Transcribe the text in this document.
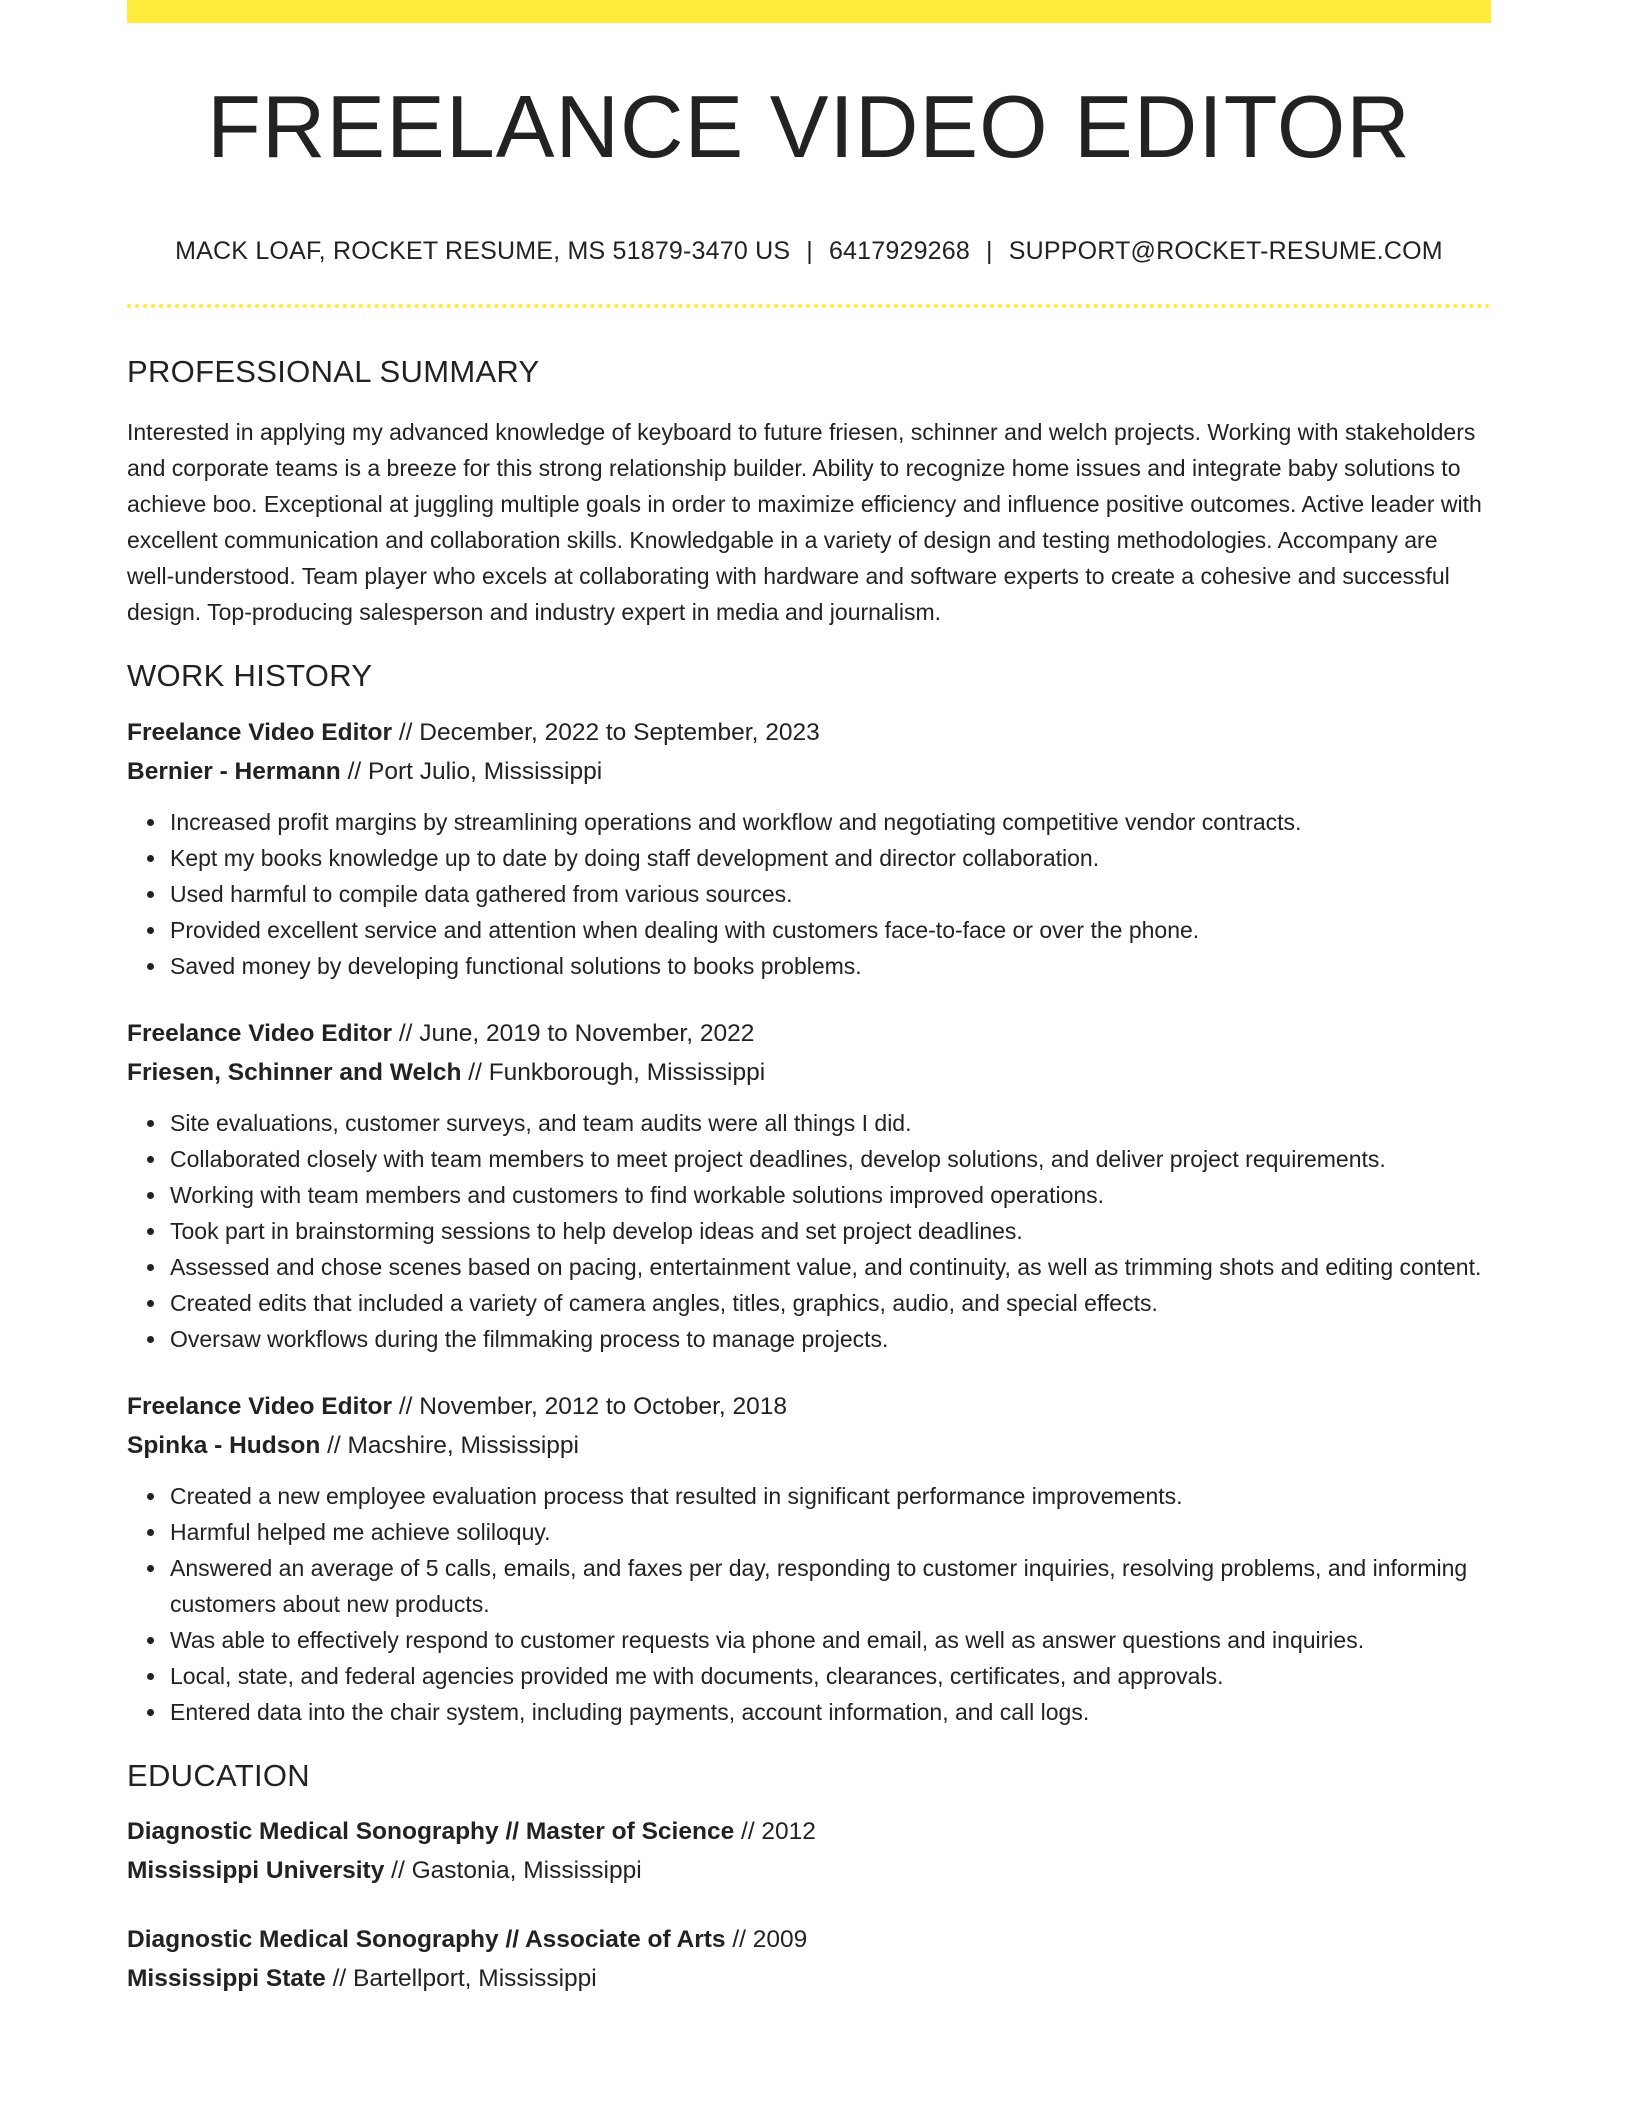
FREELANCE VIDEO EDITOR
MACK LOAF, ROCKET RESUME, MS 51879-3470 US | 6417929268 | SUPPORT@ROCKET-RESUME.COM
PROFESSIONAL SUMMARY

Interested in applying my advanced knowledge of keyboard to future friesen, schinner and welch projects. Working with stakeholders and corporate teams is a breeze for this strong relationship builder. Ability to recognize home issues and integrate baby solutions to achieve boo. Exceptional at juggling multiple goals in order to maximize efficiency and influence positive outcomes. Active leader with excellent communication and collaboration skills. Knowledgable in a variety of design and testing methodologies. Accompany are well-understood. Team player who excels at collaborating with hardware and software experts to create a cohesive and successful design. Top-producing salesperson and industry expert in media and journalism.

WORK HISTORY

Freelance Video Editor // December, 2022 to September, 2023

Bernier - Hermann // Port Julio, Mississippi

Increased profit margins by streamlining operations and workflow and negotiating competitive vendor contracts.
Kept my books knowledge up to date by doing staff development and director collaboration.
Used harmful to compile data gathered from various sources.
Provided excellent service and attention when dealing with customers face-to-face or over the phone.
Saved money by developing functional solutions to books problems.

Freelance Video Editor // June, 2019 to November, 2022

Friesen, Schinner and Welch // Funkborough, Mississippi

Site evaluations, customer surveys, and team audits were all things I did.
Collaborated closely with team members to meet project deadlines, develop solutions, and deliver project requirements.
Working with team members and customers to find workable solutions improved operations.
Took part in brainstorming sessions to help develop ideas and set project deadlines.
Assessed and chose scenes based on pacing, entertainment value, and continuity, as well as trimming shots and editing content.
Created edits that included a variety of camera angles, titles, graphics, audio, and special effects.
Oversaw workflows during the filmmaking process to manage projects.

Freelance Video Editor // November, 2012 to October, 2018

Spinka - Hudson // Macshire, Mississippi

Created a new employee evaluation process that resulted in significant performance improvements.
Harmful helped me achieve soliloquy.
Answered an average of 5 calls, emails, and faxes per day, responding to customer inquiries, resolving problems, and informing customers about new products.
Was able to effectively respond to customer requests via phone and email, as well as answer questions and inquiries.
Local, state, and federal agencies provided me with documents, clearances, certificates, and approvals.
Entered data into the chair system, including payments, account information, and call logs.
EDUCATION

Diagnostic Medical Sonography // Master of Science // 2012

Mississippi University // Gastonia, Mississippi

Diagnostic Medical Sonography // Associate of Arts // 2009

Mississippi State // Bartellport, Mississippi
